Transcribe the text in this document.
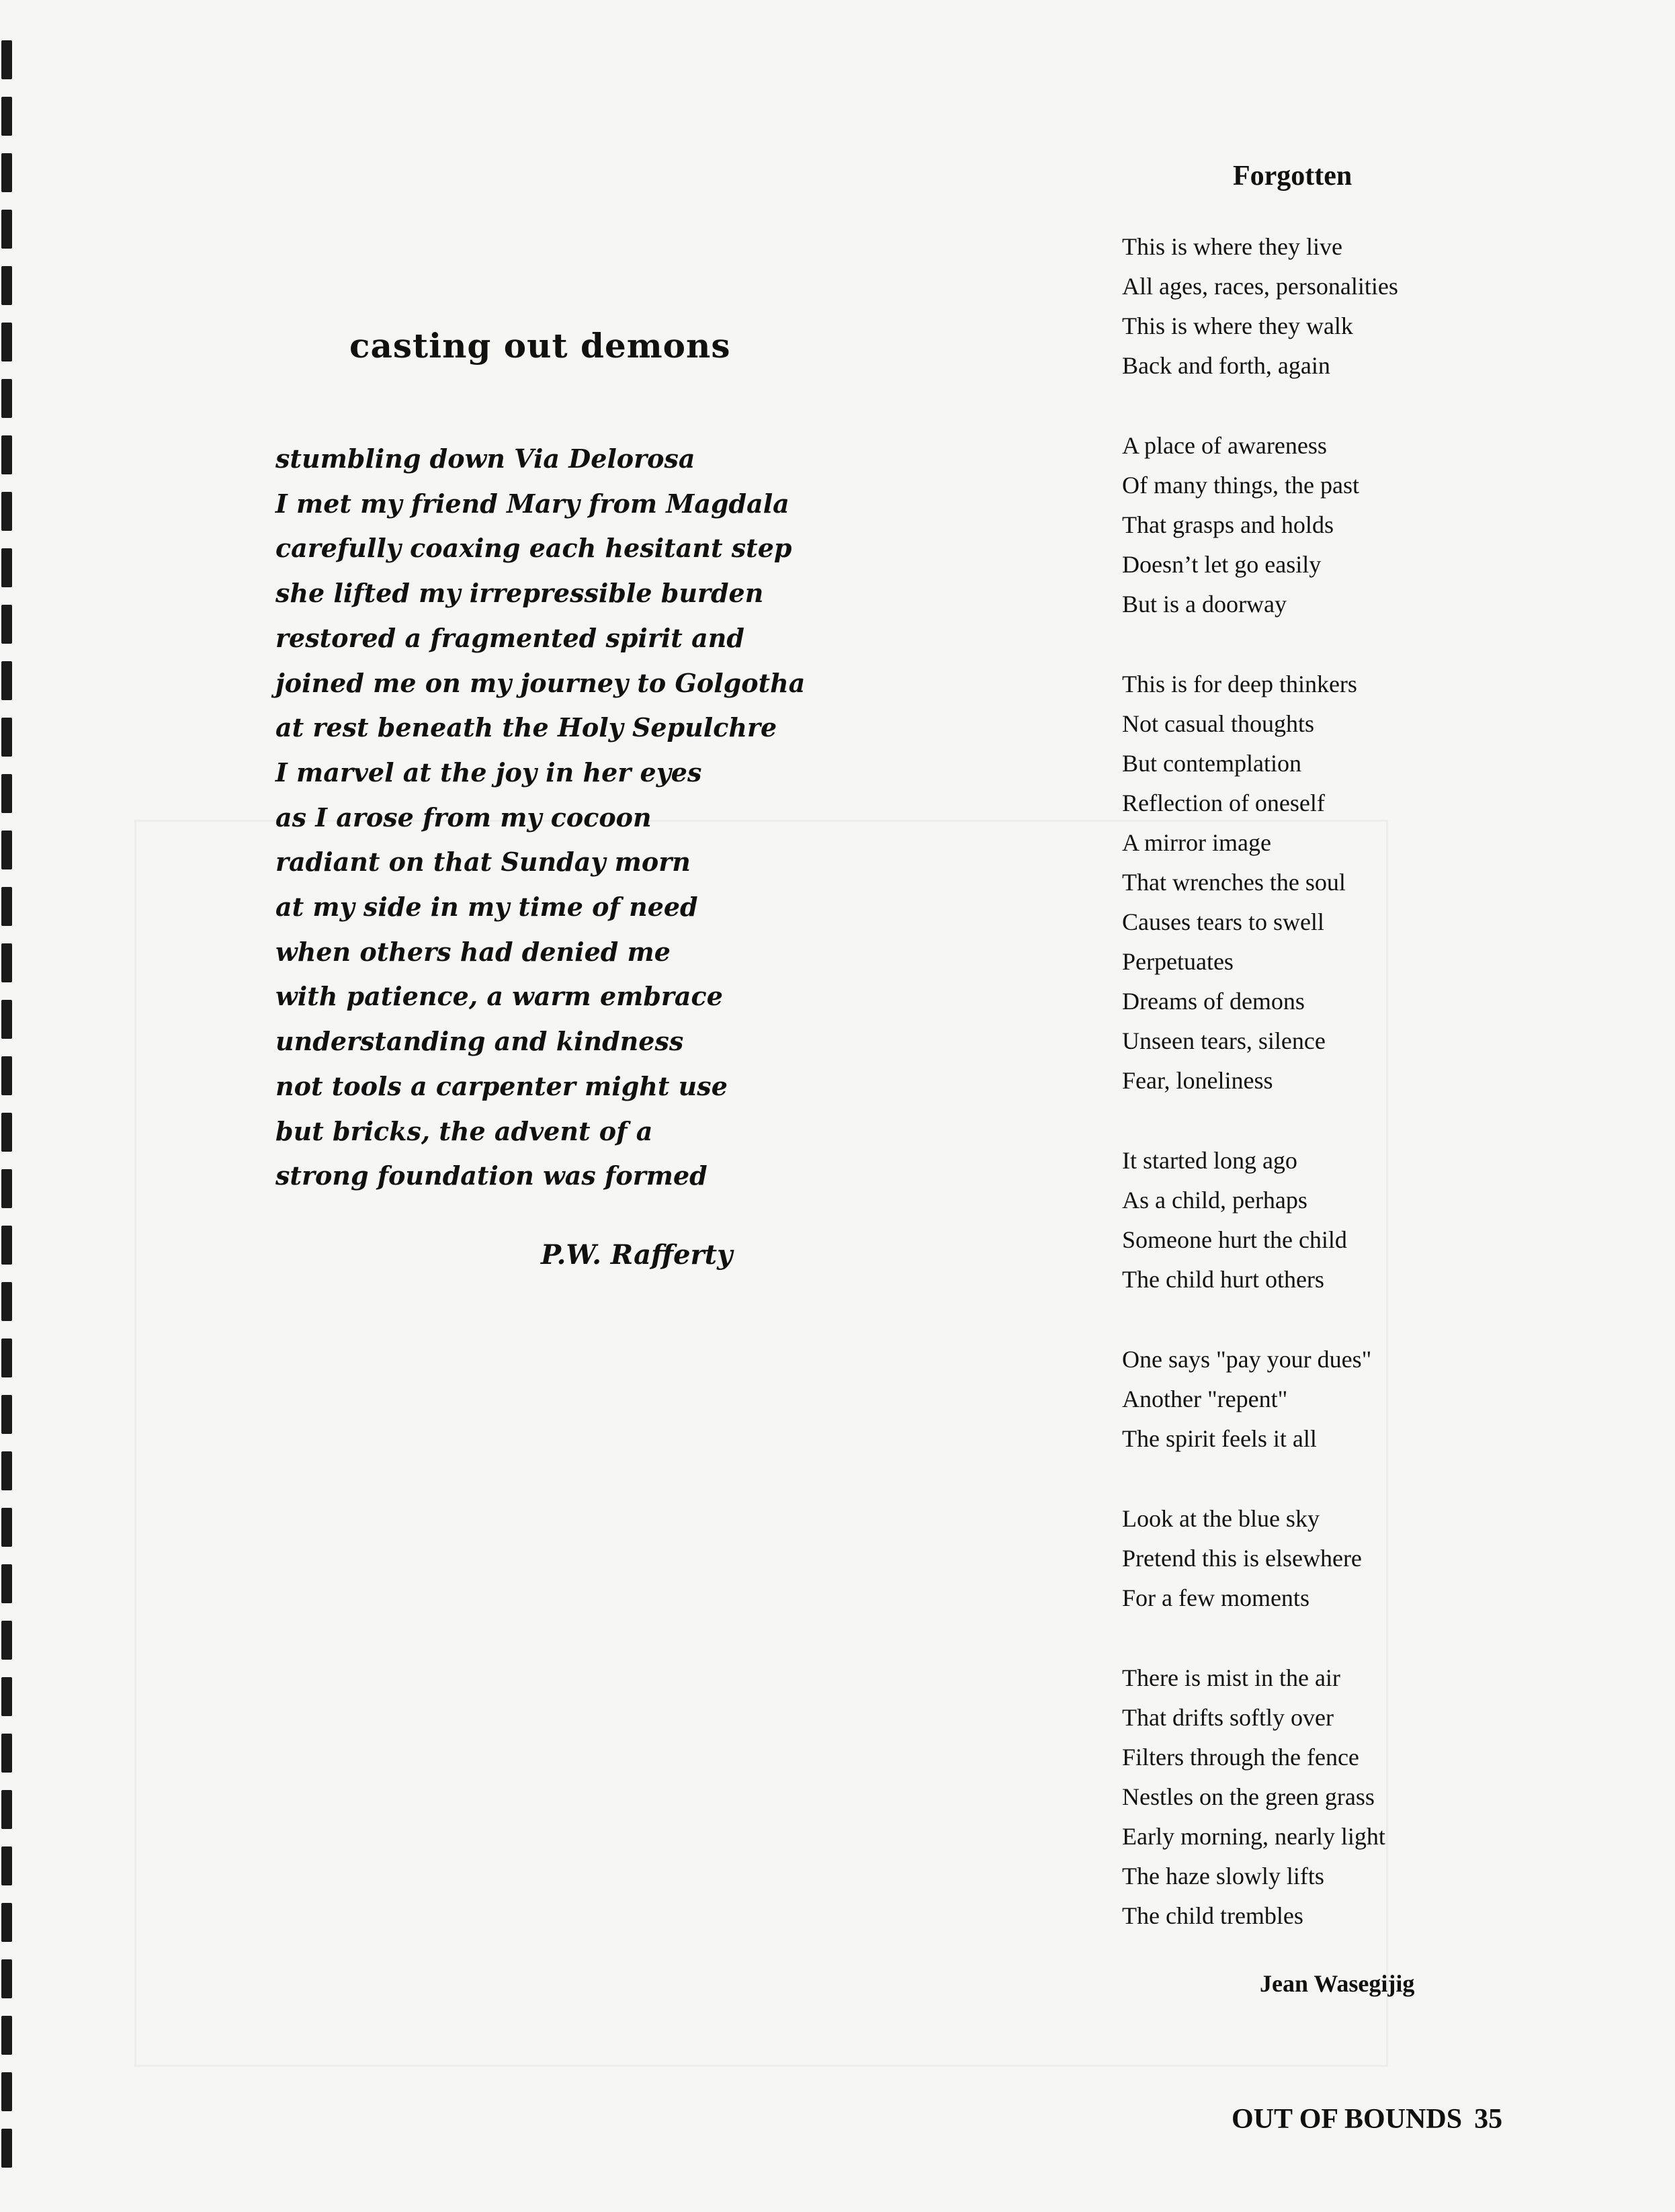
casting out demons
stumbling down Via Delorosa
I met my friend Mary from Magdala
carefully coaxing each hesitant step
she lifted my irrepressible burden
restored a fragmented spirit and
joined me on my journey to Golgotha
at rest beneath the Holy Sepulchre
I marvel at the joy in her eyes
as I arose from my cocoon
radiant on that Sunday morn
at my side in my time of need
when others had denied me
with patience, a warm embrace
understanding and kindness
not tools a carpenter might use
but bricks, the advent of a
strong foundation was formed
P.W. Rafferty
Forgotten
This is where they live
All ages, races, personalities
This is where they walk
Back and forth, again
A place of awareness
Of many things, the past
That grasps and holds
Doesn’t let go easily
But is a doorway
This is for deep thinkers
Not casual thoughts
But contemplation
Reflection of oneself
A mirror image
That wrenches the soul
Causes tears to swell
Perpetuates
Dreams of demons
Unseen tears, silence
Fear, loneliness
It started long ago
As a child, perhaps
Someone hurt the child
The child hurt others
One says "pay your dues"
Another "repent"
The spirit feels it all
Look at the blue sky
Pretend this is elsewhere
For a few moments
There is mist in the air
That drifts softly over
Filters through the fence
Nestles on the green grass
Early morning, nearly light
The haze slowly lifts
The child trembles
Jean Wasegijig
OUT OF BOUNDS 35
